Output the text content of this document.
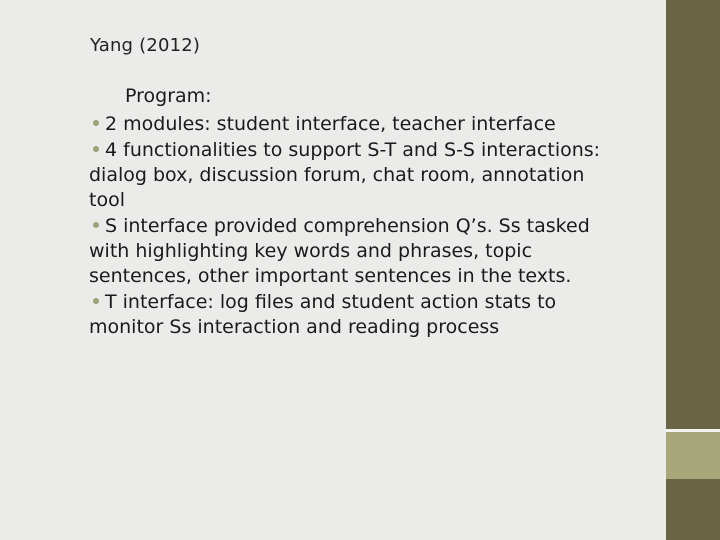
Yang (2012)
Program:
2 modules: student interface, teacher interface
4 functionalities to support S-T and S-S interactions: dialog box, discussion forum, chat room, annotation tool
S interface provided comprehension Q’s. Ss tasked with highlighting key words and phrases, topic sentences, other important sentences in the texts.
T interface: log files and student action stats to monitor Ss interaction and reading process
